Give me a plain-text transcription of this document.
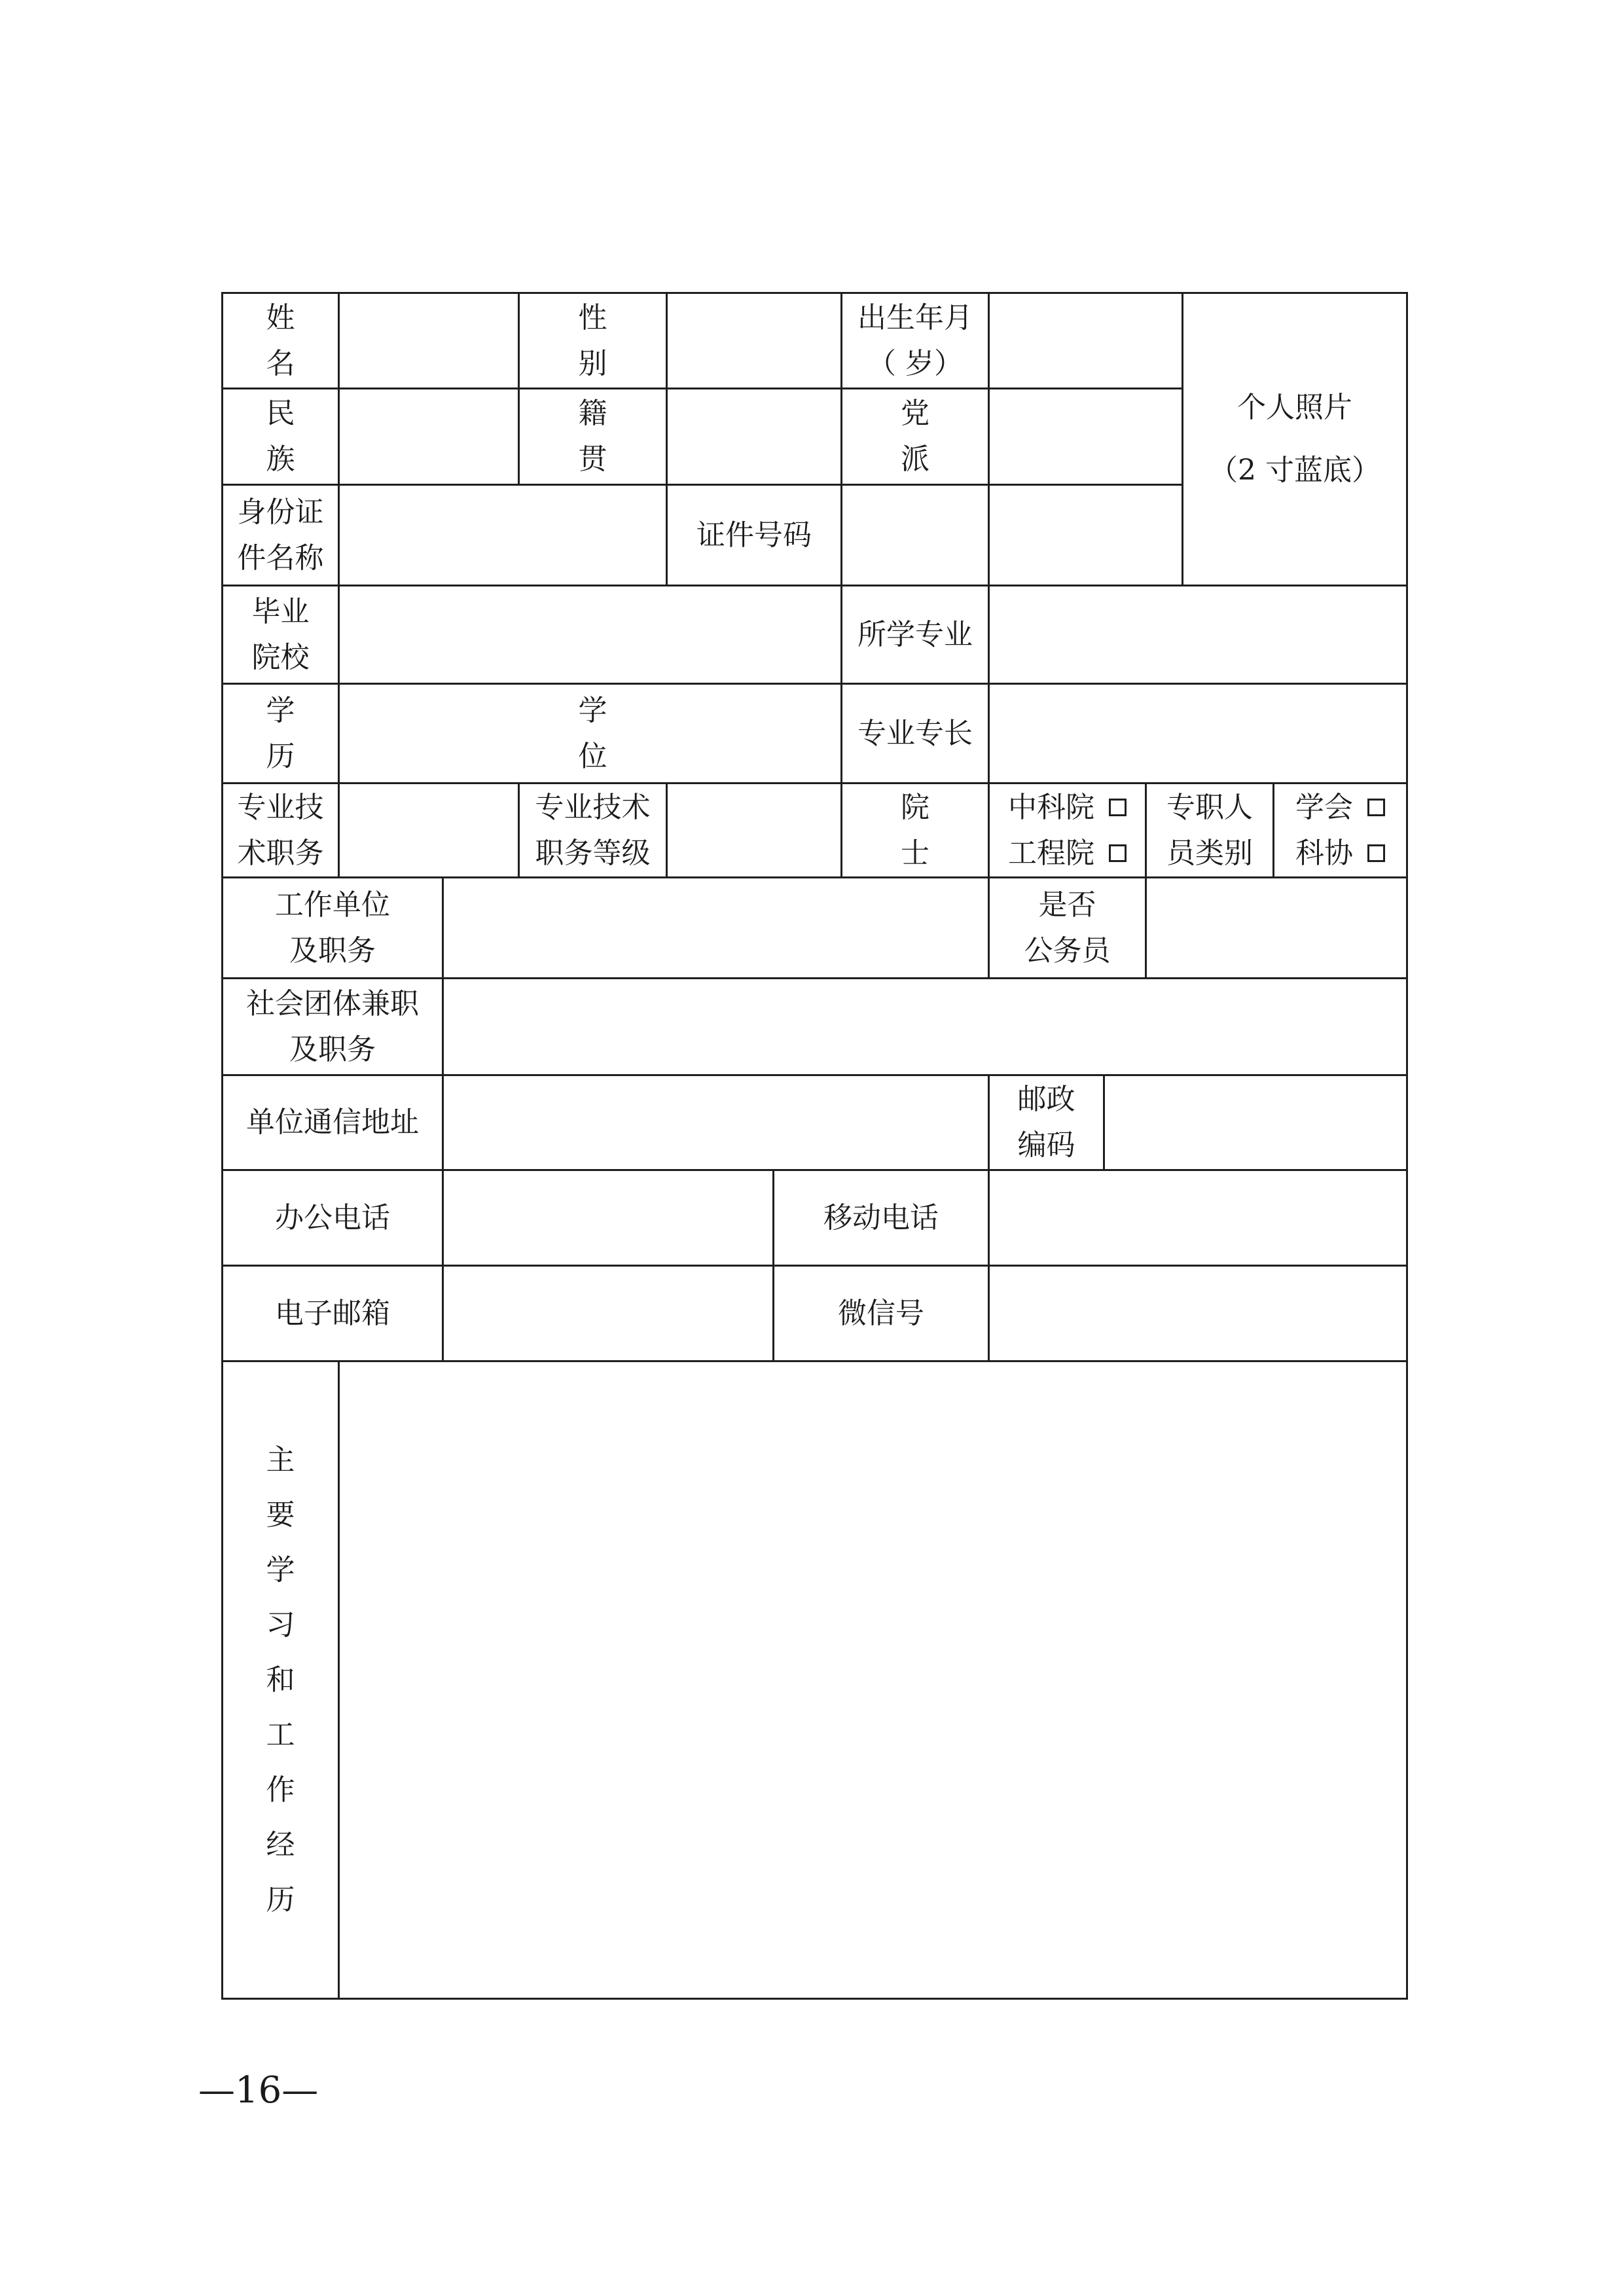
姓 名
性 别
出生年月
（ 岁）
个人照片
（2 寸蓝底）
民 族
籍 贯
党 派
身份证
件名称
证件号码
毕业
院校
所学专业
学 历
学 位
专业专长
专业技
术职务
专业技术
职务等级
院 士
中科院
工程院
专职人
员类别
学会
科协
工作单位
及职务
是否
公务员
社会团体兼职
及职务
单位通信地址
邮政
编码
办公电话	移动电话
电子邮箱	微信号
主
要
学
习
和
工
作
经
历
—16—
